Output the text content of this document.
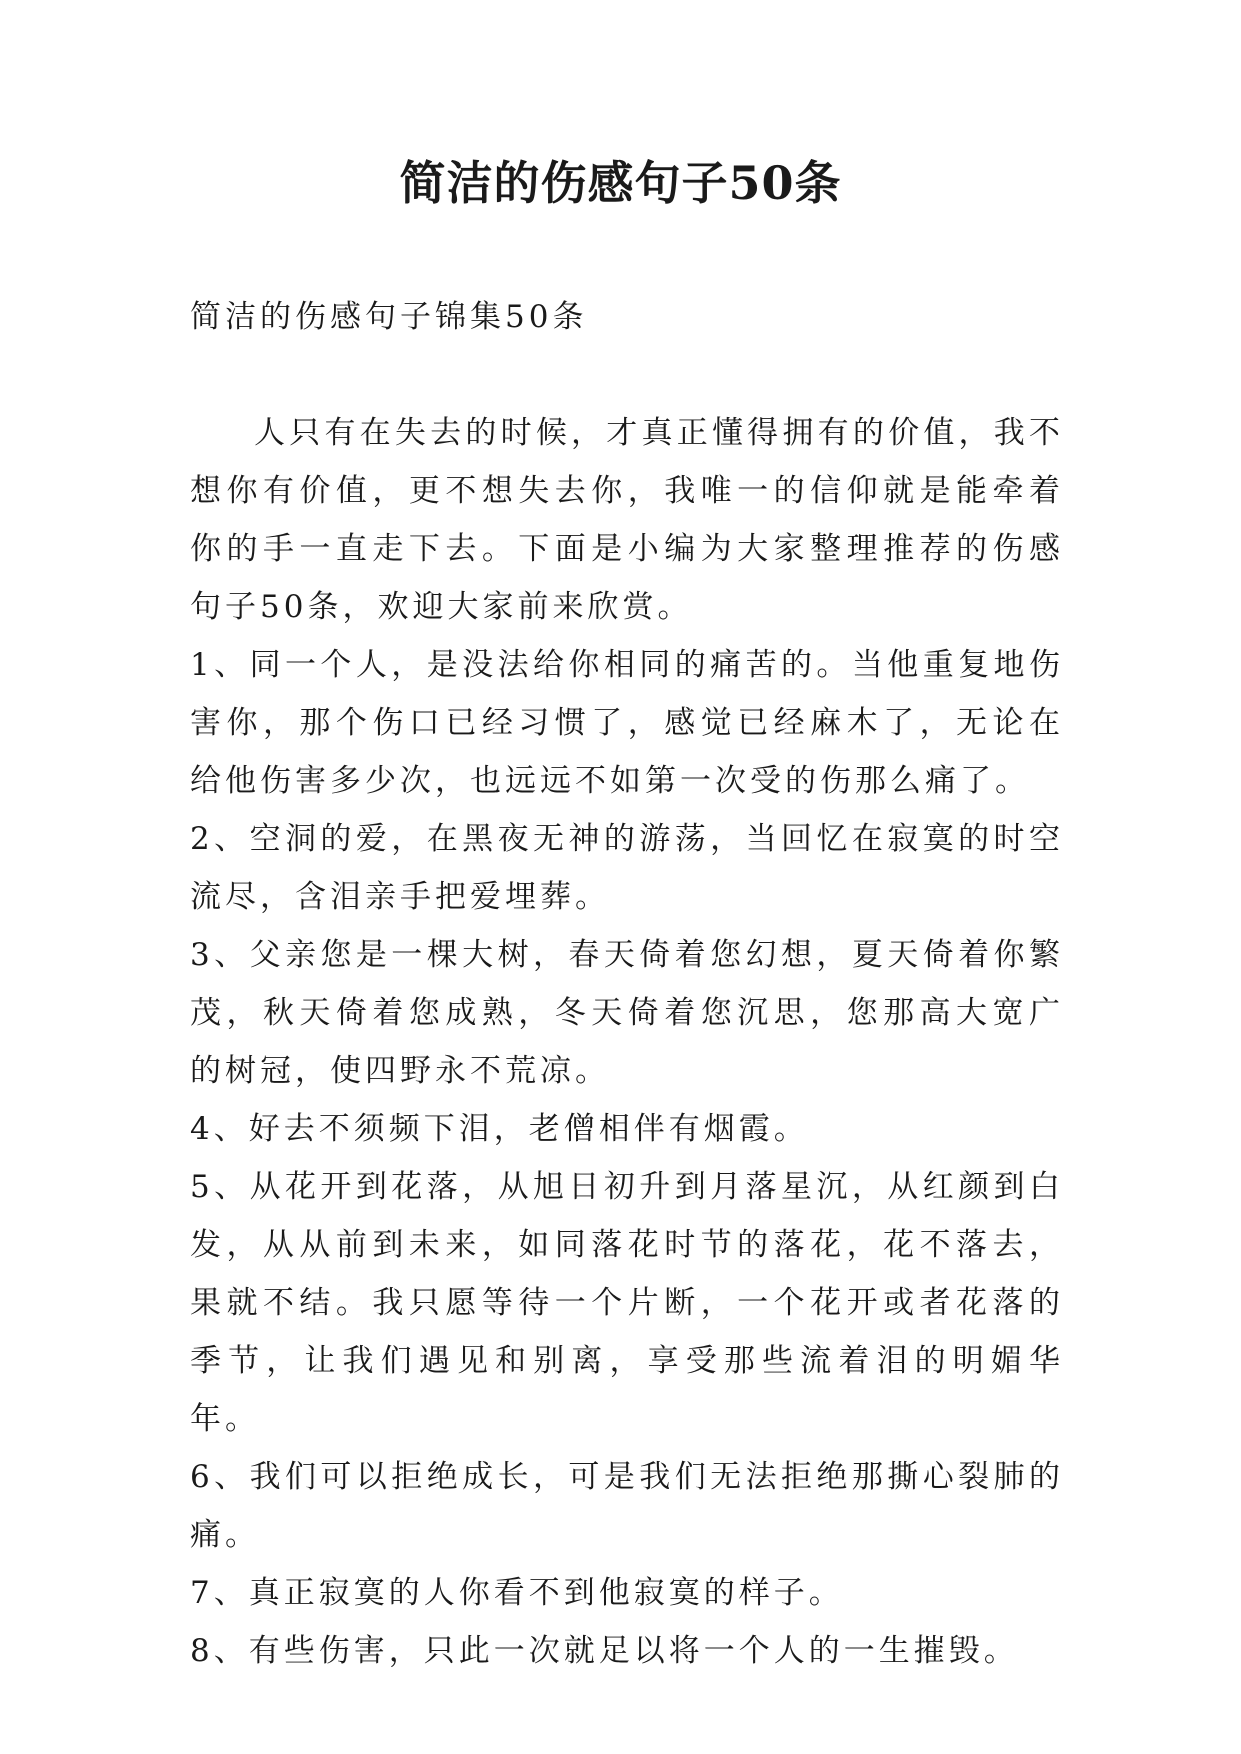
简洁的伤感句子50条

简洁的伤感句子锦集50条

人只有在失去的时候，才真正懂得拥有的价值，我不想你有价值，更不想失去你，我唯一的信仰就是能牵着你的手一直走下去。下面是小编为大家整理推荐的伤感句子50条，欢迎大家前来欣赏。

1、同一个人，是没法给你相同的痛苦的。当他重复地伤害你，那个伤口已经习惯了，感觉已经麻木了，无论在给他伤害多少次，也远远不如第一次受的伤那么痛了。

2、空洞的爱，在黑夜无神的游荡，当回忆在寂寞的时空流尽，含泪亲手把爱埋葬。

3、父亲您是一棵大树，春天倚着您幻想，夏天倚着你繁茂，秋天倚着您成熟，冬天倚着您沉思，您那高大宽广的树冠，使四野永不荒凉。

4、好去不须频下泪，老僧相伴有烟霞。

5、从花开到花落，从旭日初升到月落星沉，从红颜到白发，从从前到未来，如同落花时节的落花，花不落去，果就不结。我只愿等待一个片断，一个花开或者花落的季节，让我们遇见和别离，享受那些流着泪的明媚华年。

6、我们可以拒绝成长，可是我们无法拒绝那撕心裂肺的痛。

7、真正寂寞的人你看不到他寂寞的样子。

8、有些伤害，只此一次就足以将一个人的一生摧毁。
